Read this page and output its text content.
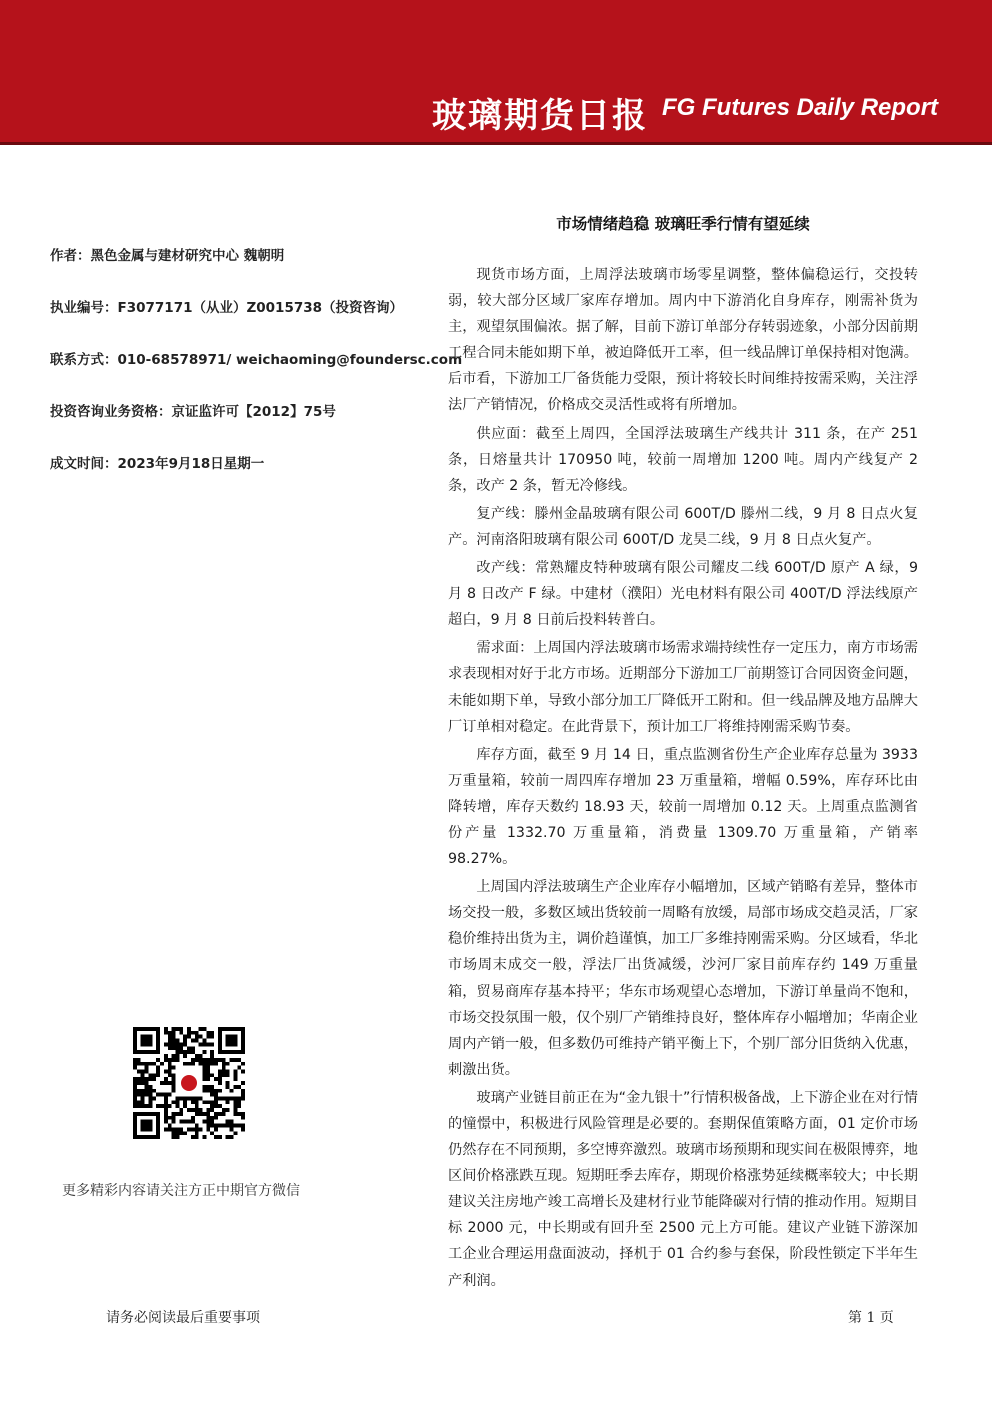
玻璃期货日报 FG Futures Daily Report
市场情绪趋稳 玻璃旺季行情有望延续
作者：黑色金属与建材研究中心 魏朝明
执业编号：F3077171（从业）Z0015738（投资咨询）
联系方式：010-68578971/ weichaoming@foundersc.com
投资咨询业务资格：京证监许可【2012】75号
成文时间：2023年9月18日星期一

现货市场方面，上周浮法玻璃市场零星调整，整体偏稳运行，交投转弱，较大部分区域厂家库存增加。周内中下游消化自身库存，刚需补货为主，观望氛围偏浓。据了解，目前下游订单部分存转弱迹象，小部分因前期工程合同未能如期下单，被迫降低开工率，但一线品牌订单保持相对饱满。后市看，下游加工厂备货能力受限，预计将较长时间维持按需采购，关注浮法厂产销情况，价格成交灵活性或将有所增加。

供应面：截至上周四，全国浮法玻璃生产线共计 311 条，在产 251 条，日熔量共计 170950 吨，较前一周增加 1200 吨。周内产线复产 2 条，改产 2 条，暂无冷修线。

复产线：滕州金晶玻璃有限公司 600T/D 滕州二线，9 月 8 日点火复产。河南洛阳玻璃有限公司 600T/D 龙昊二线，9 月 8 日点火复产。

改产线：常熟耀皮特种玻璃有限公司耀皮二线 600T/D 原产 A 绿，9 月 8 日改产 F 绿。中建材（濮阳）光电材料有限公司 400T/D 浮法线原产超白，9 月 8 日前后投料转普白。

需求面：上周国内浮法玻璃市场需求端持续性存一定压力，南方市场需求表现相对好于北方市场。近期部分下游加工厂前期签订合同因资金问题，未能如期下单，导致小部分加工厂降低开工附和。但一线品牌及地方品牌大厂订单相对稳定。在此背景下，预计加工厂将维持刚需采购节奏。

库存方面，截至 9 月 14 日，重点监测省份生产企业库存总量为 3933 万重量箱，较前一周四库存增加 23 万重量箱，增幅 0.59%，库存环比由降转增，库存天数约 18.93 天，较前一周增加 0.12 天。上周重点监测省份产量 1332.70 万重量箱，消费量 1309.70 万重量箱，产销率 98.27%。

上周国内浮法玻璃生产企业库存小幅增加，区域产销略有差异，整体市场交投一般，多数区域出货较前一周略有放缓，局部市场成交趋灵活，厂家稳价维持出货为主，调价趋谨慎，加工厂多维持刚需采购。分区域看，华北市场周末成交一般，浮法厂出货减缓，沙河厂家目前库存约 149 万重量箱，贸易商库存基本持平；华东市场观望心态增加，下游订单量尚不饱和，市场交投氛围一般，仅个别厂产销维持良好，整体库存小幅增加；华南企业周内产销一般，但多数仍可维持产销平衡上下，个别厂部分旧货纳入优惠，刺激出货。

玻璃产业链目前正在为“金九银十”行情积极备战，上下游企业在对行情的憧憬中，积极进行风险管理是必要的。套期保值策略方面，01 定价市场仍然存在不同预期，多空博弈激烈。玻璃市场预期和现实间在极限博弈，地区间价格涨跌互现。短期旺季去库存，期现价格涨势延续概率较大；中长期建议关注房地产竣工高增长及建材行业节能降碳对行情的推动作用。短期目标 2000 元，中长期或有回升至 2500 元上方可能。建议产业链下游深加工企业合理运用盘面波动，择机于 01 合约参与套保，阶段性锁定下半年生产利润。

更多精彩内容请关注方正中期官方微信
请务必阅读最后重要事项	第 1 页
